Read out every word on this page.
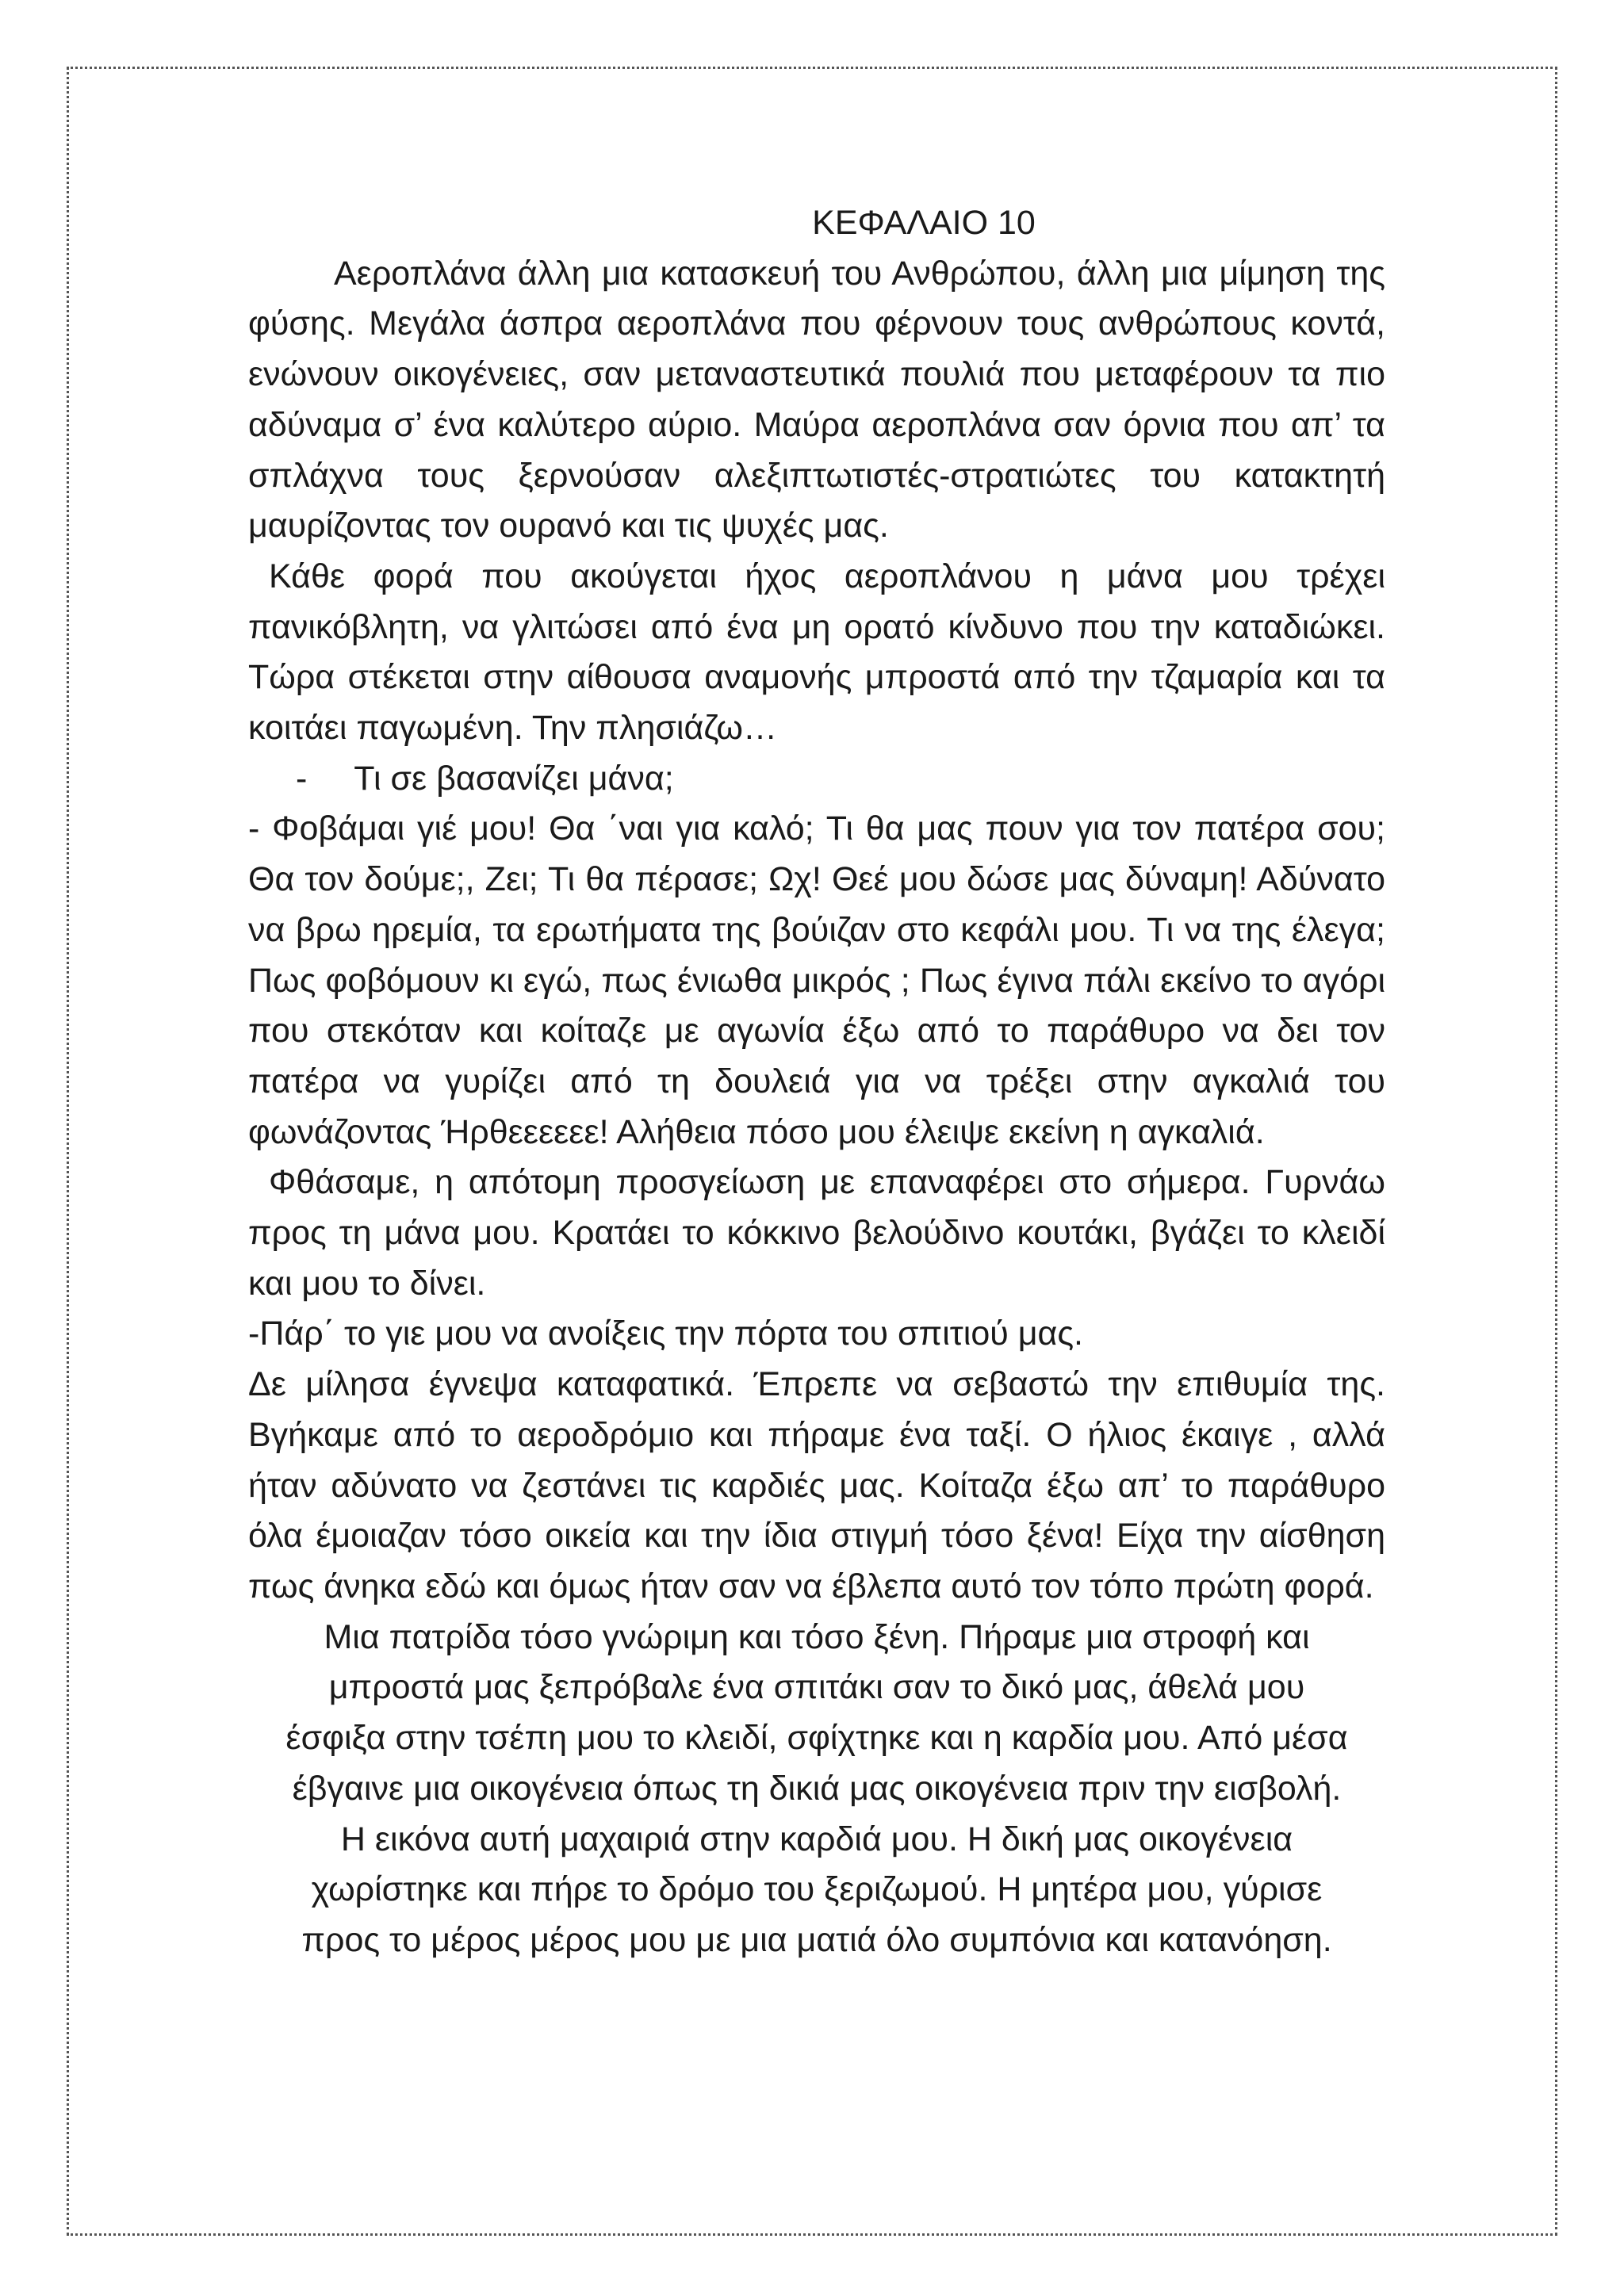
ΚΕΦΑΛΑΙΟ 10

Αεροπλάνα άλλη μια κατασκευή του Ανθρώπου, άλλη μια μίμηση της φύσης. Μεγάλα άσπρα αεροπλάνα που φέρνουν τους ανθρώπους κοντά, ενώνουν οικογένειες, σαν μεταναστευτικά πουλιά που μεταφέρουν τα πιο αδύναμα σ’ ένα καλύτερο αύριο. Μαύρα αεροπλάνα σαν όρνια που απ’ τα σπλάχνα τους ξερνούσαν αλεξιπτωτιστές-στρατιώτες του κατακτητή μαυρίζοντας τον ουρανό και τις ψυχές μας.

Κάθε φορά που ακούγεται ήχος αεροπλάνου η μάνα μου τρέχει πανικόβλητη, να γλιτώσει από ένα μη ορατό κίνδυνο που την καταδιώκει. Τώρα στέκεται στην αίθουσα αναμονής μπροστά από την τζαμαρία και τα κοιτάει παγωμένη. Την πλησιάζω…

-     Τι σε βασανίζει μάνα;

- Φοβάμαι γιέ μου! Θα ΄ναι για καλό; Τι θα μας πουν για τον πατέρα σου; Θα τον δούμε;, Ζει; Τι θα πέρασε; Ωχ! Θεέ μου δώσε μας δύναμη! Αδύνατο να βρω ηρεμία, τα ερωτήματα της βούιζαν στο κεφάλι μου. Τι να της έλεγα; Πως φοβόμουν κι εγώ, πως ένιωθα μικρός ; Πως έγινα πάλι εκείνο το αγόρι που στεκόταν και κοίταζε με αγωνία έξω από το παράθυρο να δει τον πατέρα να γυρίζει από τη δουλειά για να τρέξει στην αγκαλιά του φωνάζοντας Ήρθεεεεεε! Αλήθεια πόσο μου έλειψε εκείνη η αγκαλιά.

Φθάσαμε, η απότομη προσγείωση με επαναφέρει στο σήμερα. Γυρνάω προς τη μάνα μου. Κρατάει το κόκκινο βελούδινο κουτάκι, βγάζει το κλειδί και μου το δίνει.

-Πάρ΄ το γιε μου να ανοίξεις την πόρτα του σπιτιού μας.

Δε μίλησα έγνεψα καταφατικά. Έπρεπε να σεβαστώ την επιθυμία της. Βγήκαμε από το αεροδρόμιο και πήραμε ένα ταξί. Ο ήλιος έκαιγε , αλλά ήταν αδύνατο να ζεστάνει τις καρδιές μας. Κοίταζα έξω απ’ το παράθυρο όλα έμοιαζαν τόσο οικεία και την ίδια στιγμή τόσο ξένα! Είχα την αίσθηση πως άνηκα εδώ και όμως ήταν σαν να έβλεπα αυτό τον τόπο πρώτη φορά.

Μια πατρίδα τόσο γνώριμη και τόσο ξένη. Πήραμε μια στροφή και

μπροστά μας ξεπρόβαλε ένα σπιτάκι σαν το δικό μας, άθελά μου

έσφιξα στην τσέπη μου το κλειδί, σφίχτηκε και η καρδία μου. Από μέσα

έβγαινε μια οικογένεια όπως τη δικιά μας οικογένεια πριν την εισβολή.

Η εικόνα αυτή μαχαιριά στην καρδιά μου. Η δική μας οικογένεια

χωρίστηκε και πήρε το δρόμο του ξεριζωμού. Η μητέρα μου, γύρισε

προς το μέρος μέρος μου με μια ματιά όλο συμπόνια και κατανόηση.
